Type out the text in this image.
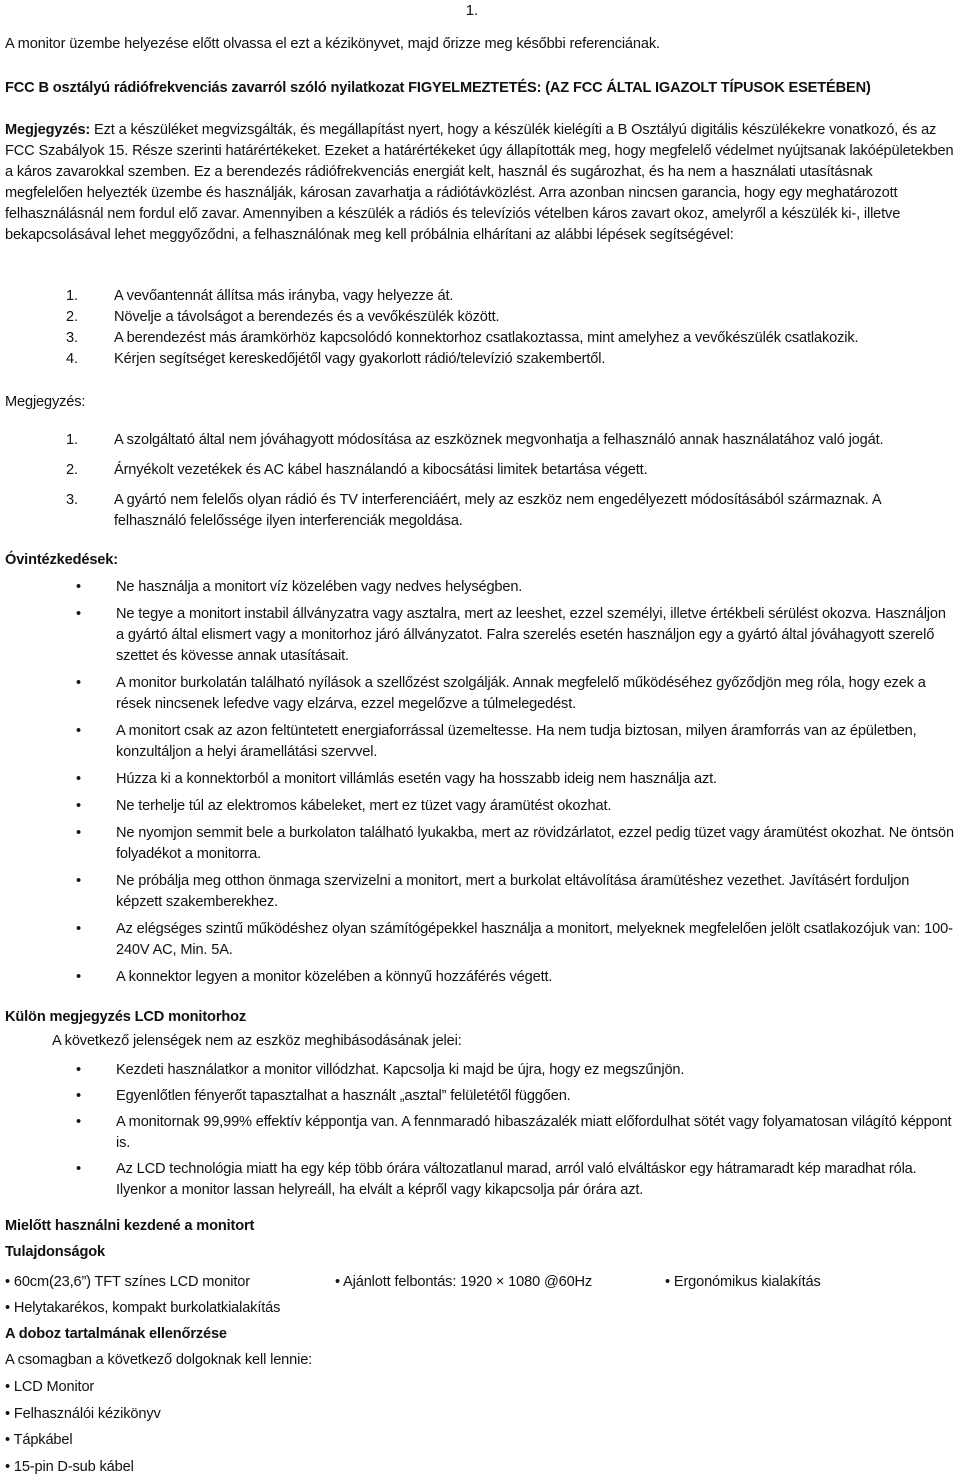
1.

A monitor üzembe helyezése előtt olvassa el ezt a kézikönyvet, majd őrizze meg későbbi referenciának.

FCC B osztályú rádiófrekvenciás zavarról szóló nyilatkozat FIGYELMEZTETÉS: (AZ FCC ÁLTAL IGAZOLT TÍPUSOK ESETÉBEN)

Megjegyzés: Ezt a készüléket megvizsgálták, és megállapítást nyert, hogy a készülék kielégíti a B Osztályú digitális készülékekre vonatkozó, és az FCC Szabályok 15. Része szerinti határértékeket. Ezeket a határértékeket úgy állapították meg, hogy megfelelő védelmet nyújtsanak lakóépületekben a káros zavarokkal szemben. Ez a berendezés rádiófrekvenciás energiát kelt, használ és sugározhat, és ha nem a használati utasításnak megfelelően helyezték üzembe és használják, károsan zavarhatja a rádiótávközlést. Arra azonban nincsen garancia, hogy egy meghatározott felhasználásnál nem fordul elő zavar. Amennyiben a készülék a rádiós és televíziós vételben káros zavart okoz, amelyről a készülék ki-, illetve bekapcsolásával lehet meggyőződni, a felhasználónak meg kell próbálnia elhárítani az alábbi lépések segítségével:

1. A vevőantennát állítsa más irányba, vagy helyezze át.
2. Növelje a távolságot a berendezés és a vevőkészülék között.
3. A berendezést más áramkörhöz kapcsolódó konnektorhoz csatlakoztassa, mint amelyhez a vevőkészülék csatlakozik.
4. Kérjen segítséget kereskedőjétől vagy gyakorlott rádió/televízió szakembertől.

Megjegyzés:

1. A szolgáltató által nem jóváhagyott módosítása az eszköznek megvonhatja a felhasználó annak használatához való jogát.
2. Árnyékolt vezetékek és AC kábel használandó a kibocsátási limitek betartása végett.
3. A gyártó nem felelős olyan rádió és TV interferenciáért, mely az eszköz nem engedélyezett módosításából származnak. A felhasználó felelőssége ilyen interferenciák megoldása.

Óvintézkedések:

• Ne használja a monitort víz közelében vagy nedves helységben.
• Ne tegye a monitort instabil állványzatra vagy asztalra, mert az leeshet, ezzel személyi, illetve értékbeli sérülést okozva. Használjon a gyártó által elismert vagy a monitorhoz járó állványzatot. Falra szerelés esetén használjon egy a gyártó által jóváhagyott szerelő szettet és kövesse annak utasításait.
• A monitor burkolatán található nyílások a szellőzést szolgálják. Annak megfelelő működéséhez győződjön meg róla, hogy ezek a rések nincsenek lefedve vagy elzárva, ezzel megelőzve a túlmelegedést.
• A monitort csak az azon feltüntetett energiaforrással üzemeltesse. Ha nem tudja biztosan, milyen áramforrás van az épületben, konzultáljon a helyi áramellátási szervvel.
• Húzza ki a konnektorból a monitort villámlás esetén vagy ha hosszabb ideig nem használja azt.
• Ne terhelje túl az elektromos kábeleket, mert ez tüzet vagy áramütést okozhat.
• Ne nyomjon semmit bele a burkolaton található lyukakba, mert az rövidzárlatot, ezzel pedig tüzet vagy áramütést okozhat. Ne öntsön folyadékot a monitorra.
• Ne próbálja meg otthon önmaga szervizelni a monitort, mert a burkolat eltávolítása áramütéshez vezethet. Javításért forduljon képzett szakemberekhez.
• Az elégséges szintű működéshez olyan számítógépekkel használja a monitort, melyeknek megfelelően jelölt csatlakozójuk van: 100-240V AC, Min. 5A.
• A konnektor legyen a monitor közelében a könnyű hozzáférés végett.

Külön megjegyzés LCD monitorhoz

A következő jelenségek nem az eszköz meghibásodásának jelei:

• Kezdeti használatkor a monitor villódzhat. Kapcsolja ki majd be újra, hogy ez megszűnjön.
• Egyenlőtlen fényerőt tapasztalhat a használt „asztal” felületétől függően.
• A monitornak 99,99% effektív képpontja van. A fennmaradó hibaszázalék miatt előfordulhat sötét vagy folyamatosan világító képpont is.
• Az LCD technológia miatt ha egy kép több órára változatlanul marad, arról való elváltáskor egy hátramaradt kép maradhat róla. Ilyenkor a monitor lassan helyreáll, ha elvált a képről vagy kikapcsolja pár órára azt.

Mielőtt használni kezdené a monitort

Tulajdonságok

• 60cm(23,6”) TFT színes LCD monitor	• Ajánlott felbontás: 1920 × 1080 @60Hz	• Ergonómikus kialakítás
• Helytakarékos, kompakt burkolatkialakítás

A doboz tartalmának ellenőrzése

A csomagban a következő dolgoknak kell lennie:

• LCD Monitor
• Felhasználói kézikönyv
• Tápkábel
• 15-pin D-sub kábel
